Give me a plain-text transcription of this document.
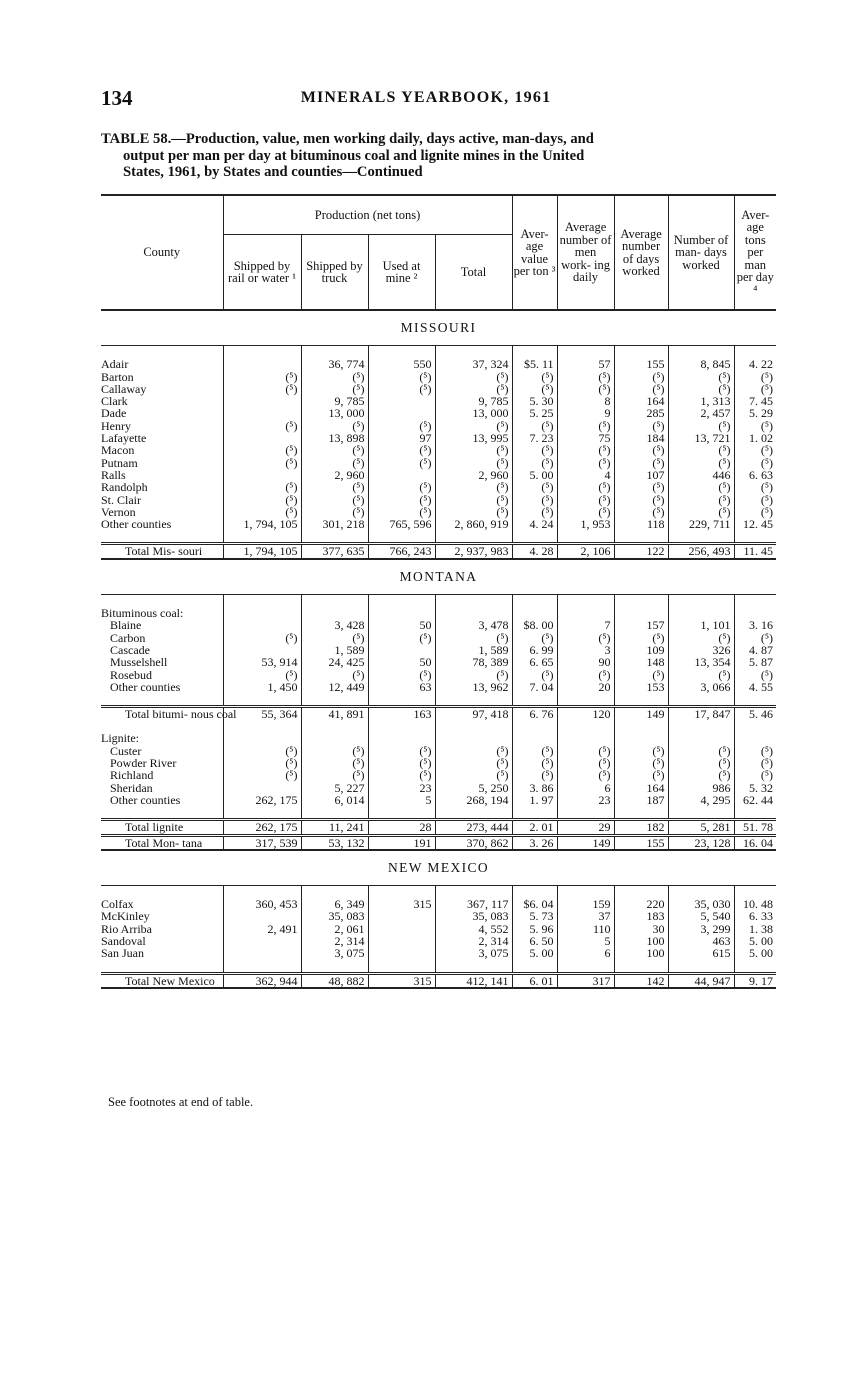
134	MINERALS YEARBOOK, 1961
TABLE 58.—Production, value, men working daily, days active, man-days, and
output per man per day at bituminous coal and lignite mines in the United
States, 1961, by States and counties—Continued
County	Production (net tons)				Aver- age value per ton ³	Average number of men work- ing daily	Average number of days worked	Number of man- days worked	Aver- age tons per man per day ⁴
	Shipped by rail or water ¹	Shipped by truck	Used at mine ²	Total					
MISSOURI									

Adair		36, 774	550	37, 324	$5. 11	57	155	8, 845	4. 22
Barton	(⁵)	(⁵)	(⁵)	(⁵)	(⁵)	(⁵)	(⁵)	(⁵)	(⁵)
Callaway	(⁵)	(⁵)	(⁵)	(⁵)	(⁵)	(⁵)	(⁵)	(⁵)	(⁵)
Clark		9, 785		9, 785	5. 30	8	164	1, 313	7. 45
Dade		13, 000		13, 000	5. 25	9	285	2, 457	5. 29
Henry	(⁵)	(⁵)	(⁵)	(⁵)	(⁵)	(⁵)	(⁵)	(⁵)	(⁵)
Lafayette		13, 898	97	13, 995	7. 23	75	184	13, 721	1. 02
Macon	(⁵)	(⁵)	(⁵)	(⁵)	(⁵)	(⁵)	(⁵)	(⁵)	(⁵)
Putnam	(⁵)	(⁵)	(⁵)	(⁵)	(⁵)	(⁵)	(⁵)	(⁵)	(⁵)
Ralls		2, 960		2, 960	5. 00	4	107	446	6. 63
Randolph	(⁵)	(⁵)	(⁵)	(⁵)	(⁵)	(⁵)	(⁵)	(⁵)	(⁵)
St. Clair	(⁵)	(⁵)	(⁵)	(⁵)	(⁵)	(⁵)	(⁵)	(⁵)	(⁵)
Vernon	(⁵)	(⁵)	(⁵)	(⁵)	(⁵)	(⁵)	(⁵)	(⁵)	(⁵)
Other counties	1, 794, 105	301, 218	765, 596	2, 860, 919	4. 24	1, 953	118	229, 711	12. 45

Total Mis- souri	1, 794, 105	377, 635	766, 243	2, 937, 983	4. 28	2, 106	122	256, 493	11. 45
MONTANA									

Bituminous coal:									
Blaine		3, 428	50	3, 478	$8. 00	7	157	1, 101	3. 16
Carbon	(⁵)	(⁵)	(⁵)	(⁵)	(⁵)	(⁵)	(⁵)	(⁵)	(⁵)
Cascade		1, 589		1, 589	6. 99	3	109	326	4. 87
Musselshell	53, 914	24, 425	50	78, 389	6. 65	90	148	13, 354	5. 87
Rosebud	(⁵)	(⁵)	(⁵)	(⁵)	(⁵)	(⁵)	(⁵)	(⁵)	(⁵)
Other counties	1, 450	12, 449	63	13, 962	7. 04	20	153	3, 066	4. 55

Total bitumi- nous coal	55, 364	41, 891	163	97, 418	6. 76	120	149	17, 847	5. 46

Lignite:									
Custer	(⁵)	(⁵)	(⁵)	(⁵)	(⁵)	(⁵)	(⁵)	(⁵)	(⁵)
Powder River	(⁵)	(⁵)	(⁵)	(⁵)	(⁵)	(⁵)	(⁵)	(⁵)	(⁵)
Richland	(⁵)	(⁵)	(⁵)	(⁵)	(⁵)	(⁵)	(⁵)	(⁵)	(⁵)
Sheridan		5, 227	23	5, 250	3. 86	6	164	986	5. 32
Other counties	262, 175	6, 014	5	268, 194	1. 97	23	187	4, 295	62. 44

Total lignite	262, 175	11, 241	28	273, 444	2. 01	29	182	5, 281	51. 78
Total Mon- tana	317, 539	53, 132	191	370, 862	3. 26	149	155	23, 128	16. 04
NEW MEXICO									

Colfax	360, 453	6, 349	315	367, 117	$6. 04	159	220	35, 030	10. 48
McKinley		35, 083		35, 083	5. 73	37	183	5, 540	6. 33
Rio Arriba	2, 491	2, 061		4, 552	5. 96	110	30	3, 299	1. 38
Sandoval		2, 314		2, 314	6. 50	5	100	463	5. 00
San Juan		3, 075		3, 075	5. 00	6	100	615	5. 00

Total New Mexico	362, 944	48, 882	315	412, 141	6. 01	317	142	44, 947	9. 17

See footnotes at end of table.
